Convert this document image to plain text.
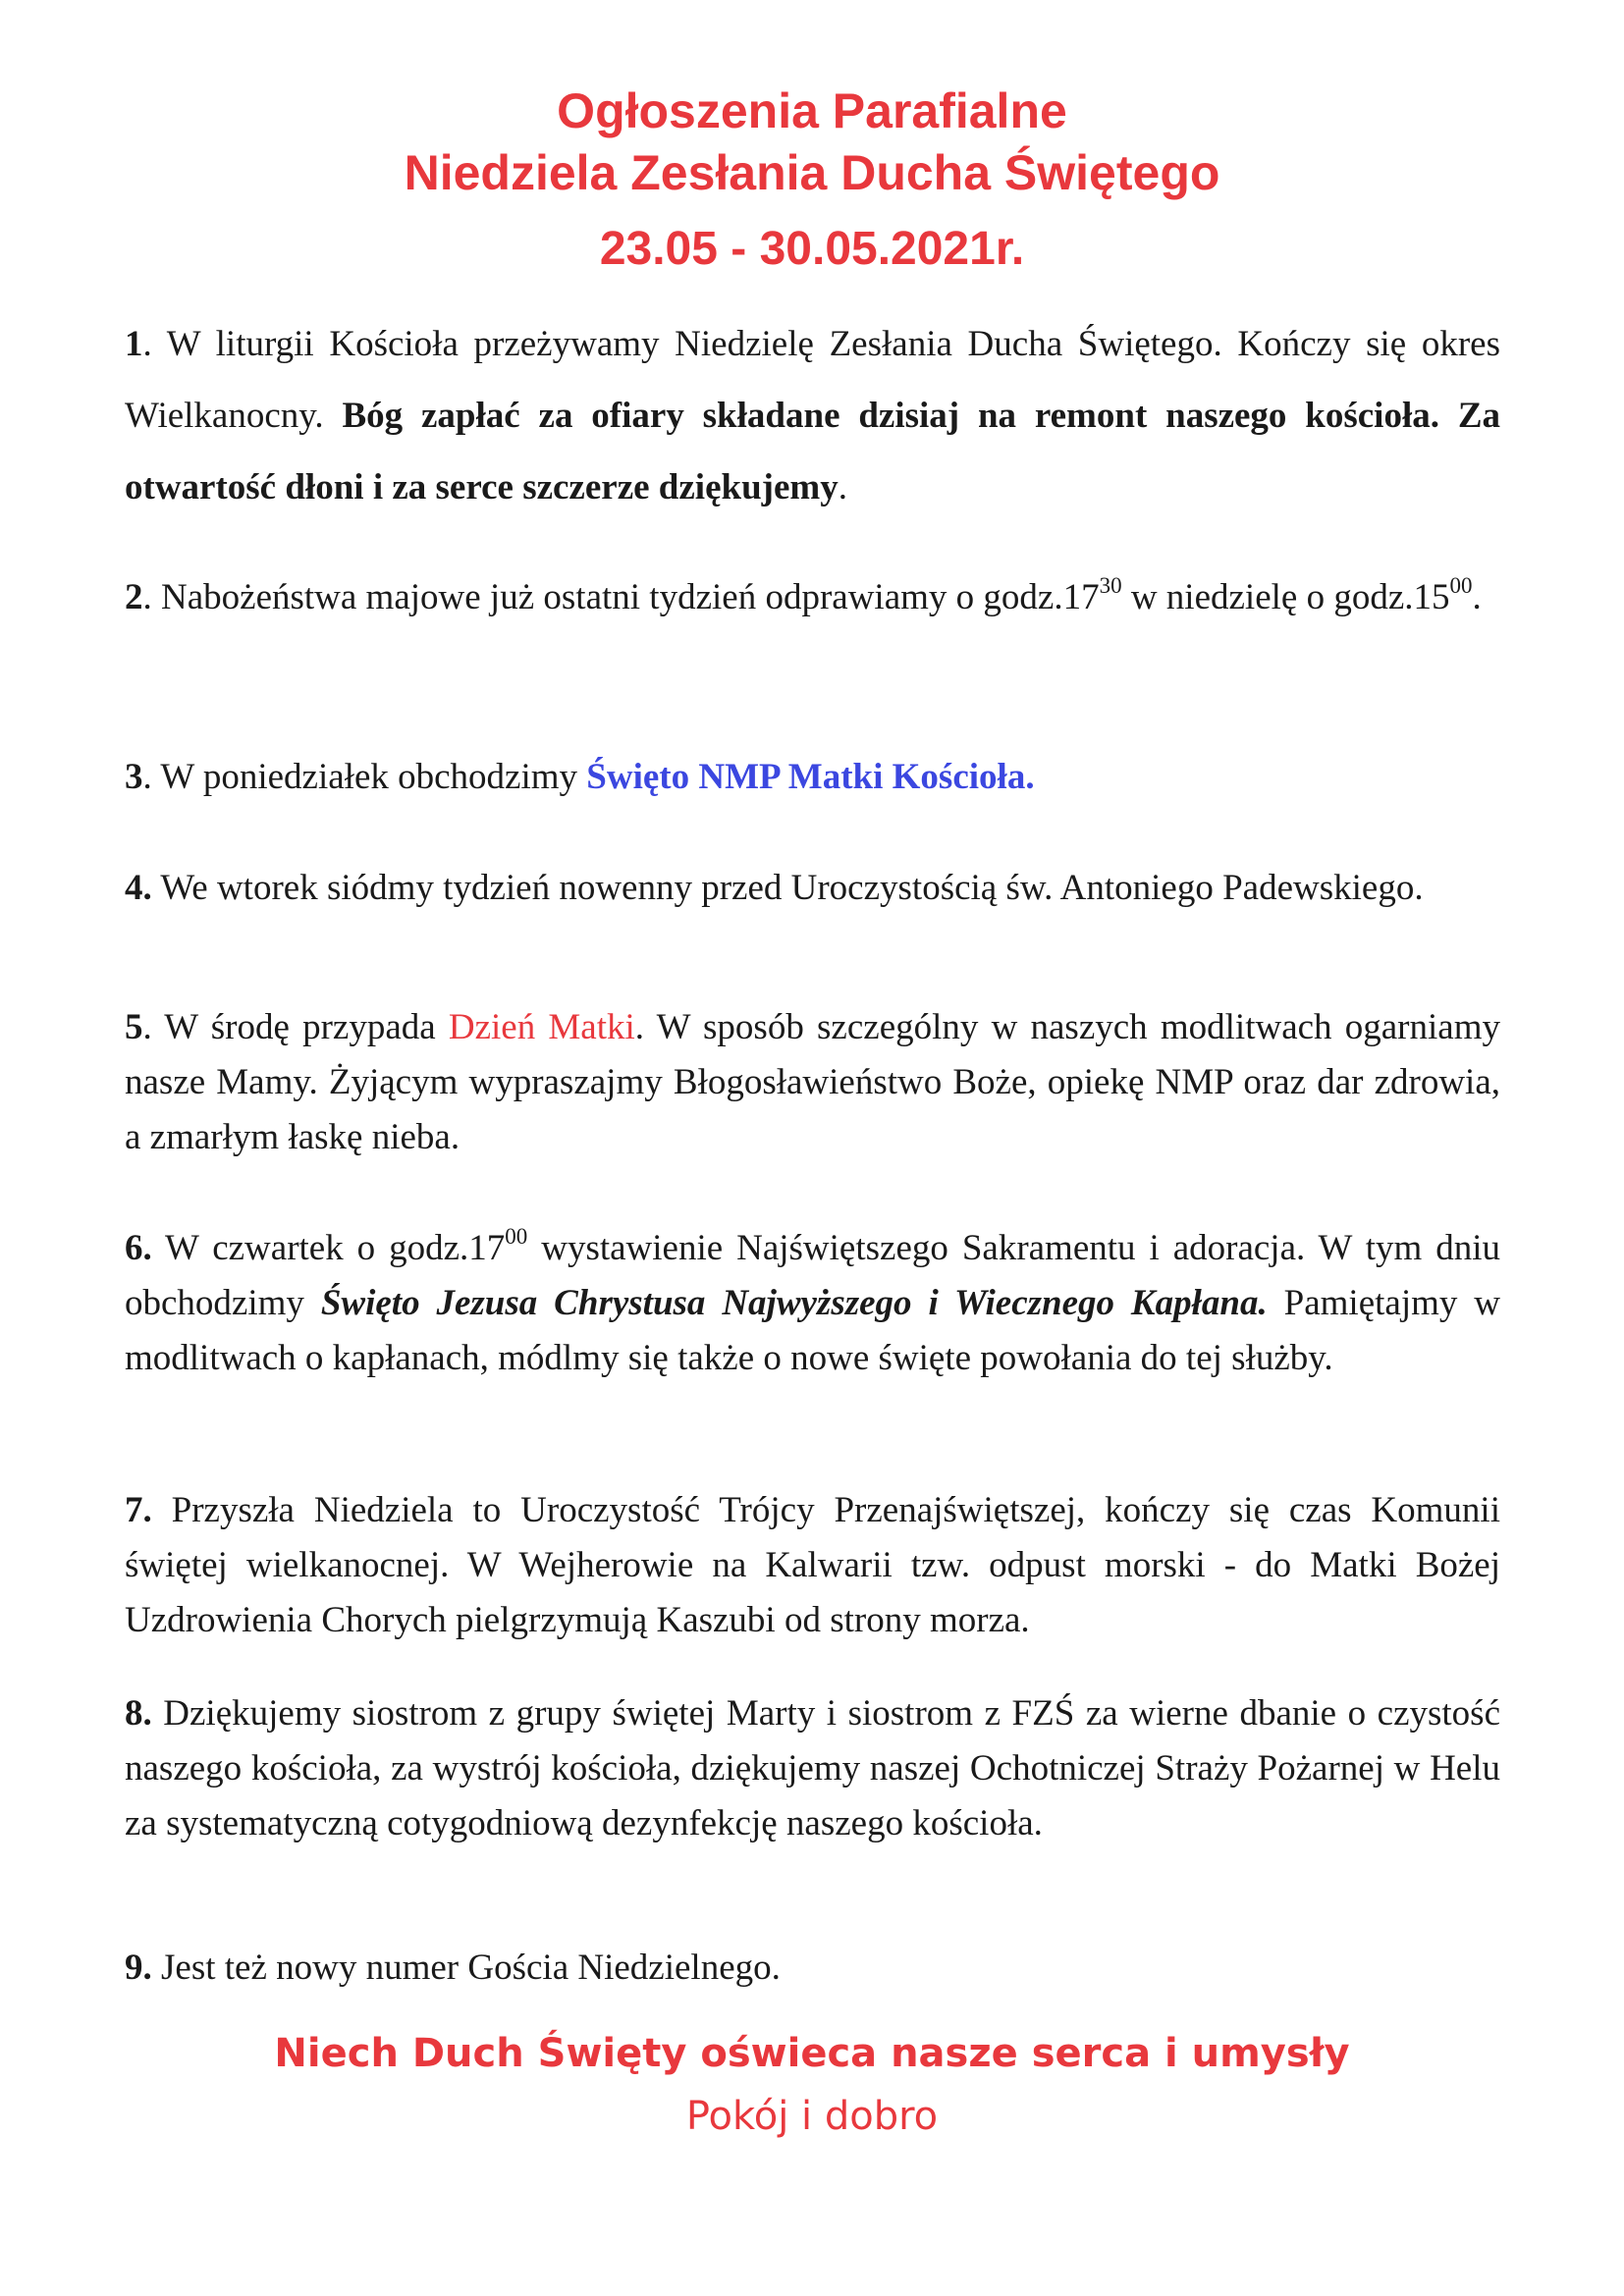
Ogłoszenia Parafialne
Niedziela Zesłania Ducha Świętego
23.05 - 30.05.2021r.

1. W liturgii Kościoła przeżywamy Niedzielę Zesłania Ducha Świętego. Kończy się okres Wielkanocny. Bóg zapłać za ofiary składane dzisiaj na remont naszego kościoła. Za otwartość dłoni i za serce szczerze dziękujemy.

2. Nabożeństwa majowe już ostatni tydzień odprawiamy o $godz.17^{30}$ w niedzielę o $godz.15^{00}$.

3. W poniedziałek obchodzimy Święto NMP Matki Kościoła.

4. We wtorek siódmy tydzień nowenny przed Uroczystością św. Antoniego Padewskiego.

5. W środę przypada Dzień Matki. W sposób szczególny w naszych modlitwach ogarniamy nasze Mamy. Żyjącym wypraszajmy Błogosławieństwo Boże, opiekę NMP oraz dar zdrowia, a zmarłym łaskę nieba.

6. W czwartek o $godz.17^{00}$ wystawienie Najświętszego Sakramentu i adoracja. W tym dniu obchodzimy Święto Jezusa Chrystusa Najwyższego i Wiecznego Kapłana. Pamiętajmy w modlitwach o kapłanach, módlmy się także o nowe święte powołania do tej służby.

7. Przyszła Niedziela to Uroczystość Trójcy Przenajświętszej, kończy się czas Komunii świętej wielkanocnej. W Wejherowie na Kalwarii tzw. odpust morski - do Matki Bożej Uzdrowienia Chorych pielgrzymują Kaszubi od strony morza.

8. Dziękujemy siostrom z grupy świętej Marty i siostrom z FZŚ za wierne dbanie o czystość naszego kościoła, za wystrój kościoła, dziękujemy naszej Ochotniczej Straży Pożarnej w Helu za systematyczną cotygodniową dezynfekcję naszego kościoła.

9. Jest też nowy numer Gościa Niedzielnego.

Niech Duch Święty oświeca nasze serca i umysły
Pokój i dobro
